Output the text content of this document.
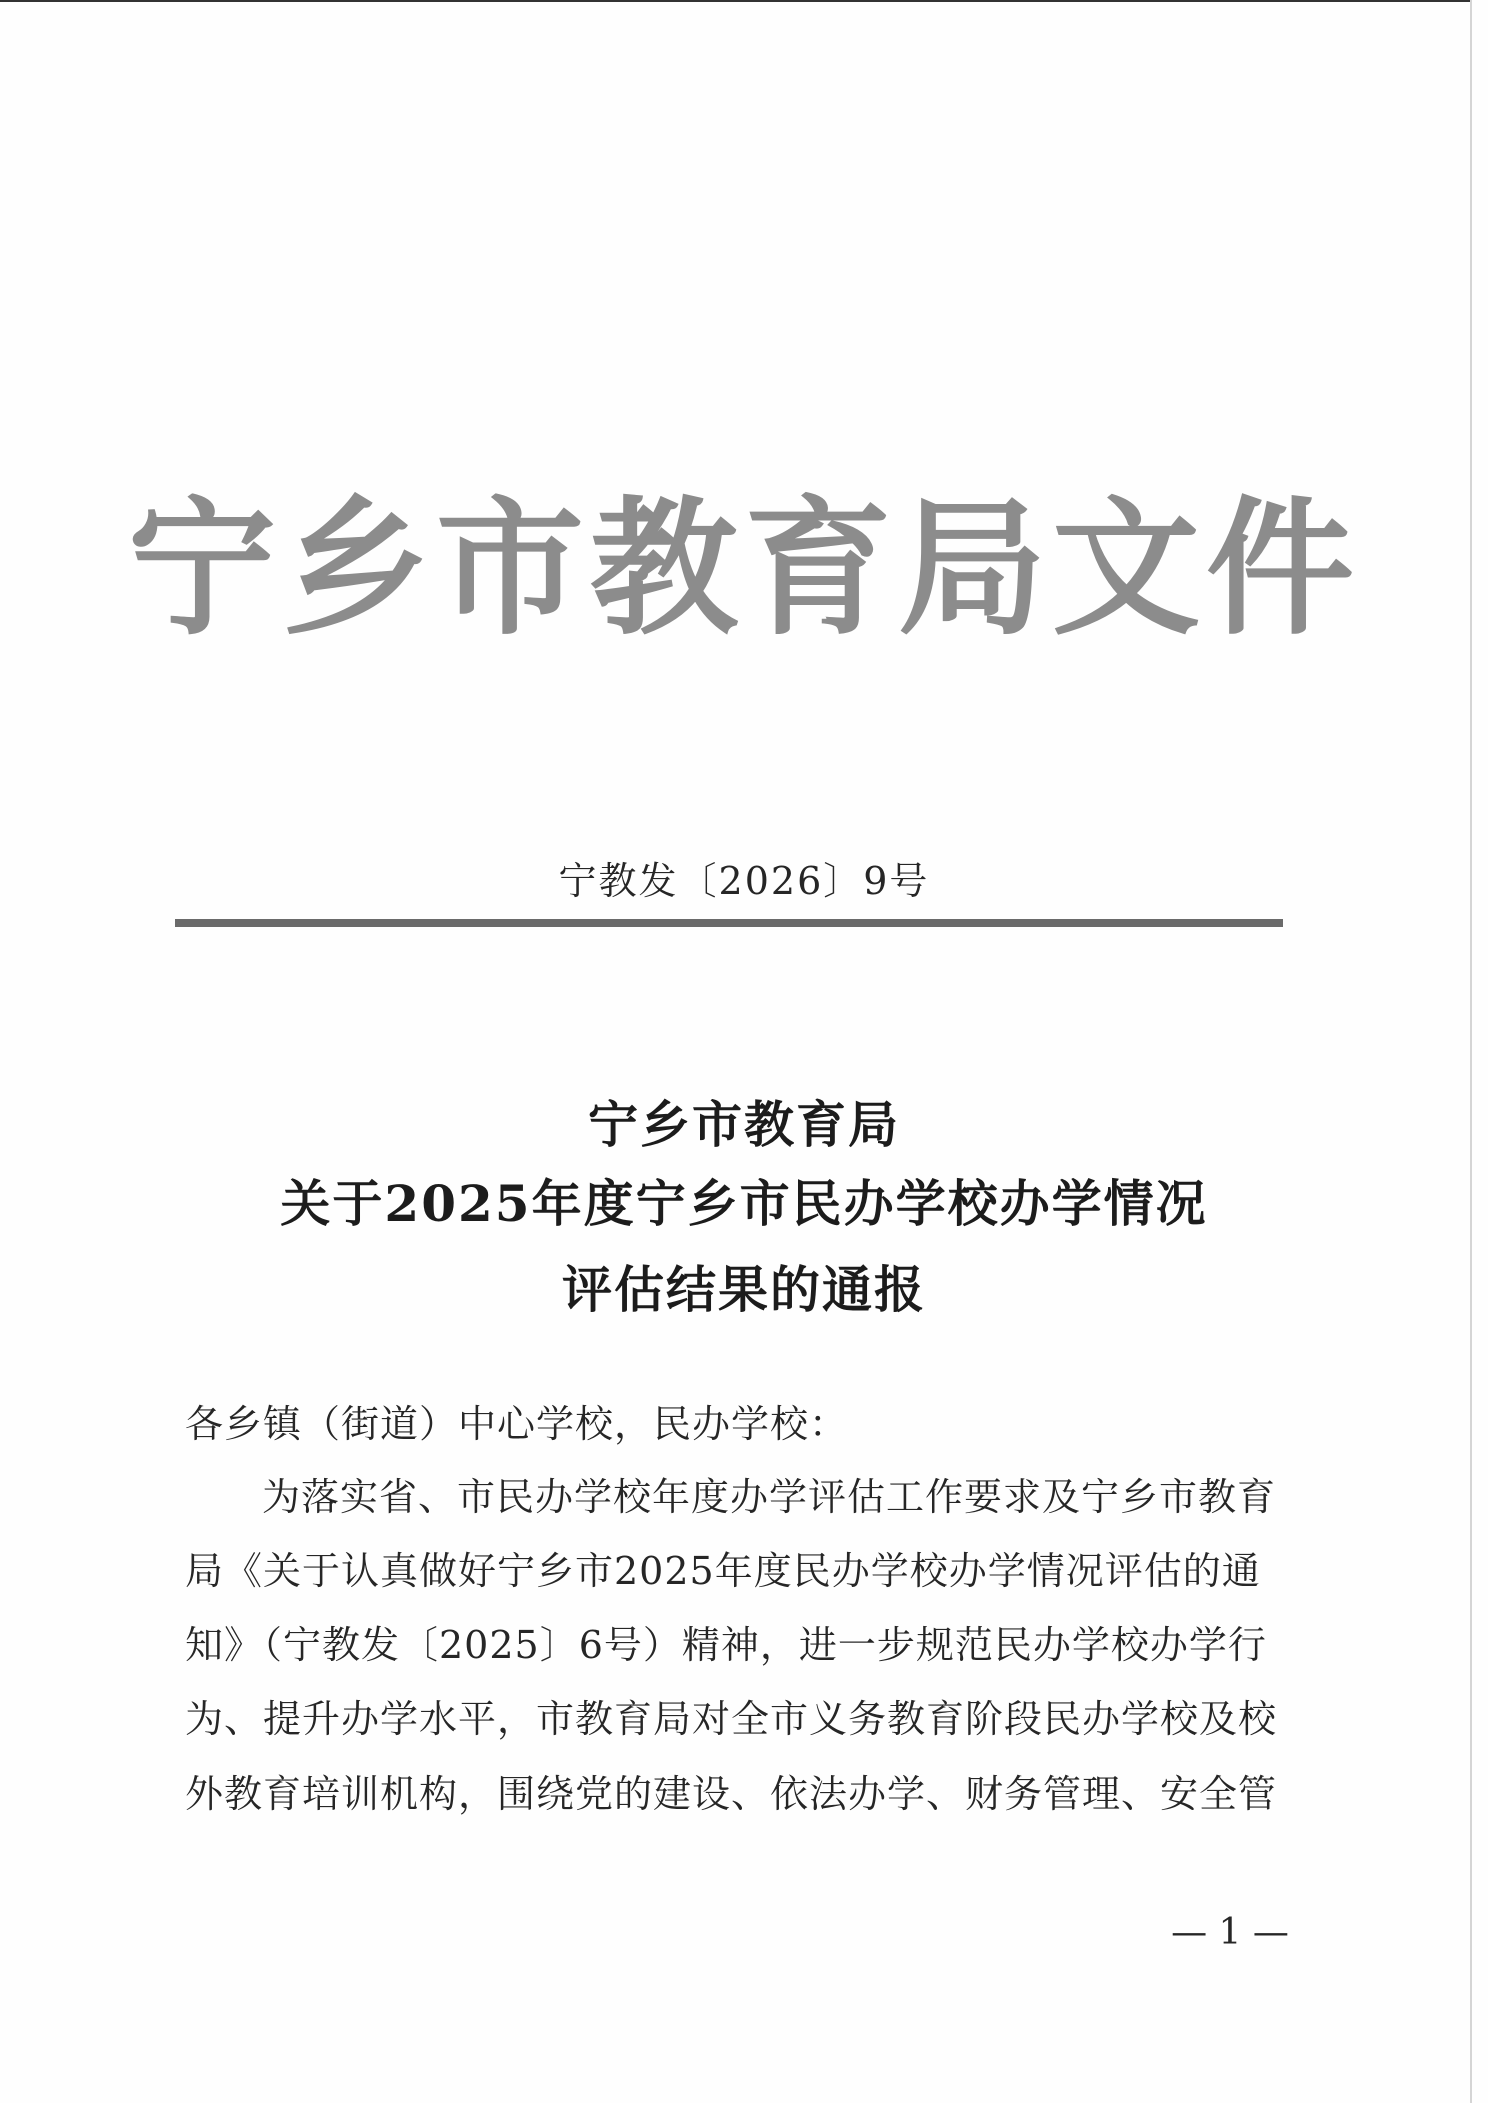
宁乡市教育局文件
宁教发〔2026〕9号
宁乡市教育局
关于2025年度宁乡市民办学校办学情况
评估结果的通报
各乡镇（街道）中心学校，民办学校：
为落实省、市民办学校年度办学评估工作要求及宁乡市教育
局《关于认真做好宁乡市2025年度民办学校办学情况评估的通
知》（宁教发〔2025〕6号）精神，进一步规范民办学校办学行
为、提升办学水平，市教育局对全市义务教育阶段民办学校及校
外教育培训机构，围绕党的建设、依法办学、财务管理、安全管
— 1 —
